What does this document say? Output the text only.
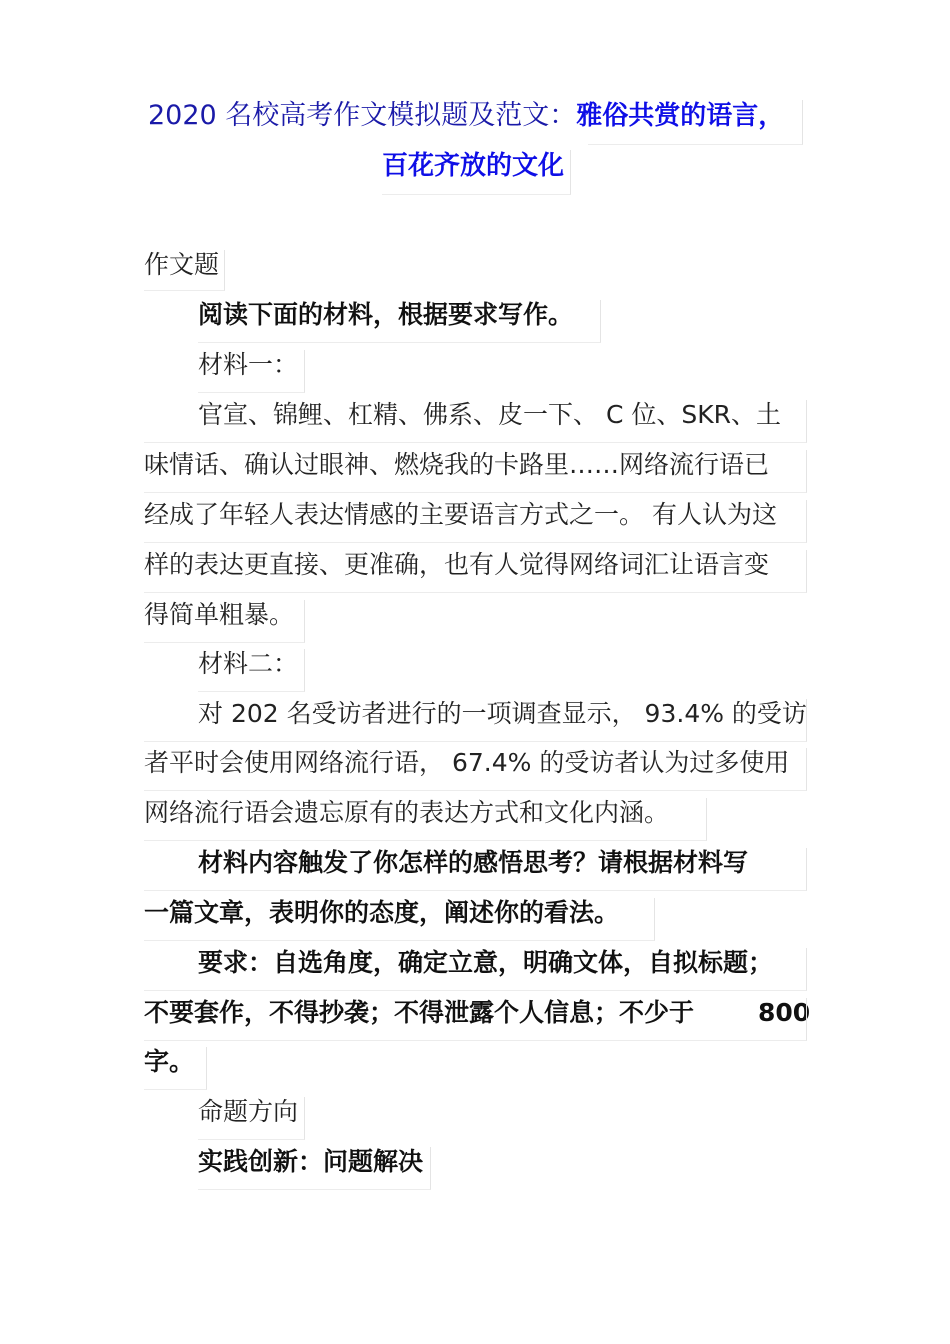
2020 名校高考作文模拟题及范文：雅俗共赏的语言，
百花齐放的文化
作文题
阅读下面的材料，根据要求写作。
材料一：
官宣、锦鲤、杠精、佛系、皮一下、 C 位、SKR、土
味情话、确认过眼神、燃烧我的卡路里……网络流行语已
经成了年轻人表达情感的主要语言方式之一。 有人认为这
样的表达更直接、更准确，也有人觉得网络词汇让语言变
得简单粗暴。
材料二：
对 202 名受访者进行的一项调查显示， 93.4% 的受访
者平时会使用网络流行语， 67.4% 的受访者认为过多使用
网络流行语会遗忘原有的表达方式和文化内涵。
材料内容触发了你怎样的感悟思考？请根据材料写
一篇文章，表明你的态度，阐述你的看法。
要求：自选角度，确定立意，明确文体，自拟标题；
不要套作，不得抄袭；不得泄露个人信息；不少于	800
字。
命题方向
实践创新：问题解决
